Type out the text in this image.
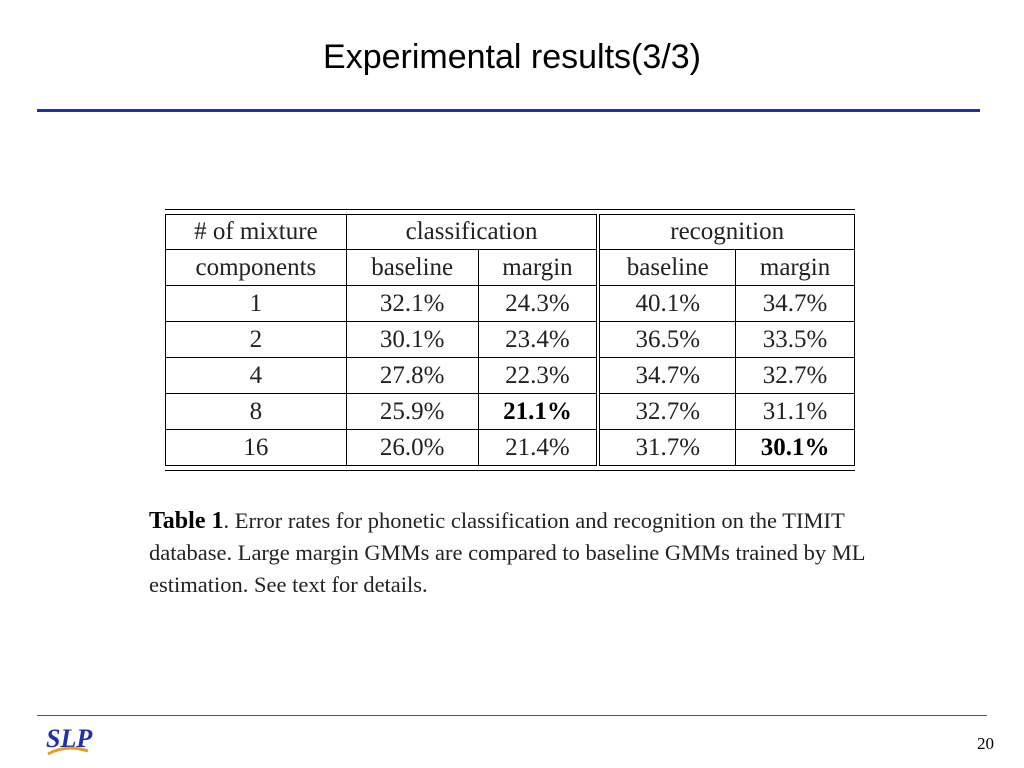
Experimental results(3/3)
# of mixture	classification		recognition	
components	baseline	margin	baseline	margin
1	32.1%	24.3%	40.1%	34.7%
2	30.1%	23.4%	36.5%	33.5%
4	27.8%	22.3%	34.7%	32.7%
8	25.9%	21.1%	32.7%	31.1%
16	26.0%	21.4%	31.7%	30.1%

Table 1. Error rates for phonetic classification and recognition on the TIMIT database. Large margin GMMs are compared to baseline GMMs trained by ML estimation. See text for details.

SLP	20
